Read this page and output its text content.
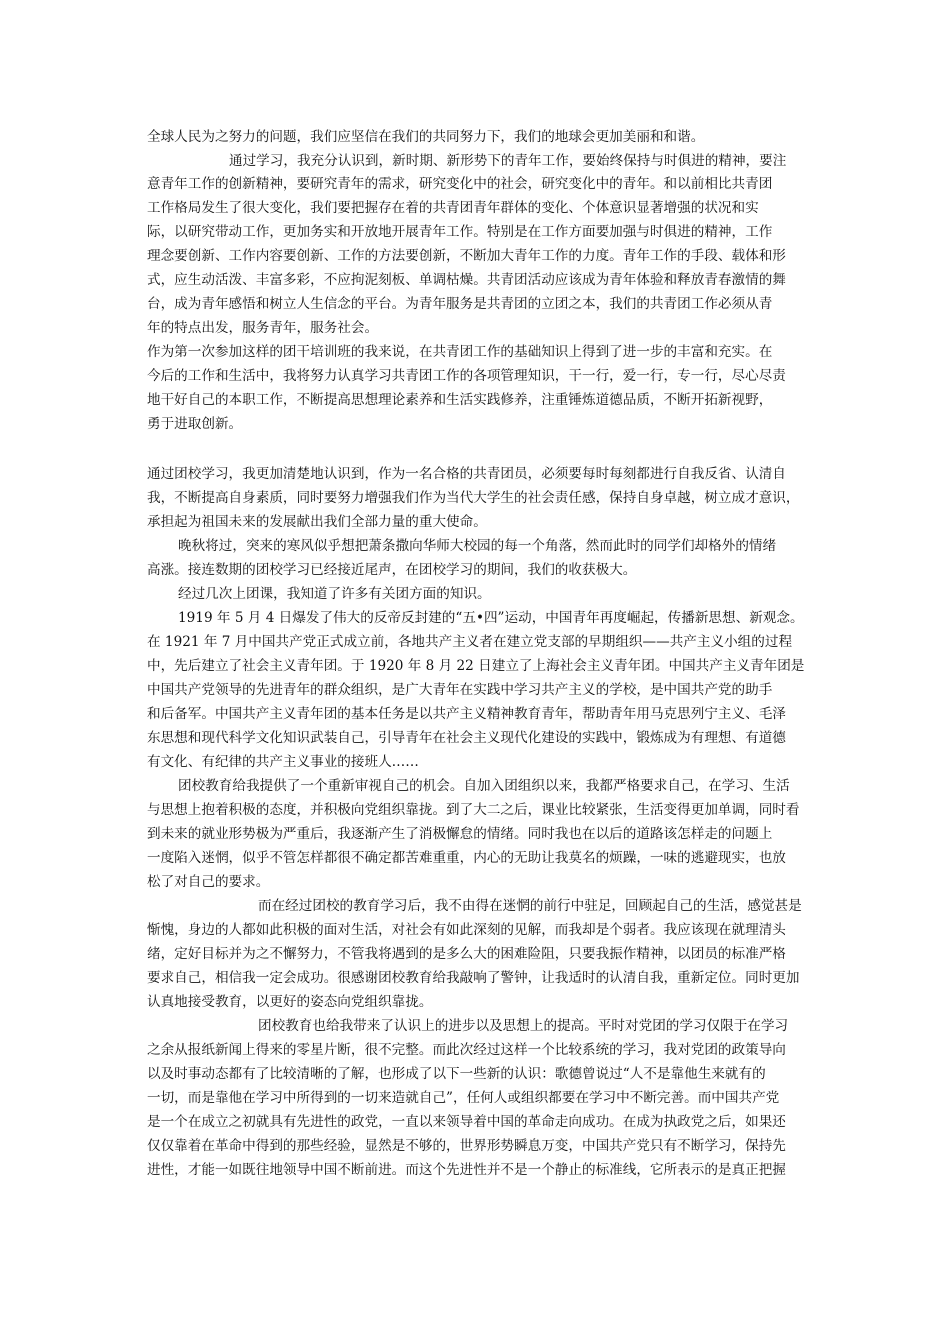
全球人民为之努力的问题，我们应坚信在我们的共同努力下，我们的地球会更加美丽和和谐。
通过学习，我充分认识到，新时期、新形势下的青年工作，要始终保持与时俱进的精神，要注
意青年工作的创新精神，要研究青年的需求，研究变化中的社会，研究变化中的青年。和以前相比共青团
工作格局发生了很大变化，我们要把握存在着的共青团青年群体的变化、个体意识显著增强的状况和实
际，以研究带动工作，更加务实和开放地开展青年工作。特别是在工作方面要加强与时俱进的精神，工作
理念要创新、工作内容要创新、工作的方法要创新，不断加大青年工作的力度。青年工作的手段、载体和形
式，应生动活泼、丰富多彩，不应拘泥刻板、单调枯燥。共青团活动应该成为青年体验和释放青春激情的舞
台，成为青年感悟和树立人生信念的平台。为青年服务是共青团的立团之本，我们的共青团工作必须从青
年的特点出发，服务青年，服务社会。
作为第一次参加这样的团干培训班的我来说，在共青团工作的基础知识上得到了进一步的丰富和充实。在
今后的工作和生活中，我将努力认真学习共青团工作的各项管理知识，干一行，爱一行，专一行，尽心尽责
地干好自己的本职工作，不断提高思想理论素养和生活实践修养，注重锤炼道德品质，不断开拓新视野，
勇于进取创新。
通过团校学习，我更加清楚地认识到，作为一名合格的共青团员，必须要每时每刻都进行自我反省、认清自
我，不断提高自身素质，同时要努力增强我们作为当代大学生的社会责任感，保持自身卓越，树立成才意识，
承担起为祖国未来的发展献出我们全部力量的重大使命。
晚秋将过，突来的寒风似乎想把萧条撒向华师大校园的每一个角落，然而此时的同学们却格外的情绪
高涨。接连数期的团校学习已经接近尾声，在团校学习的期间，我们的收获极大。
经过几次上团课，我知道了许多有关团方面的知识。
1919 年 5 月 4 日爆发了伟大的反帝反封建的“五•四”运动，中国青年再度崛起，传播新思想、新观念。
在 1921 年 7 月中国共产党正式成立前，各地共产主义者在建立党支部的早期组织——共产主义小组的过程
中，先后建立了社会主义青年团。于 1920 年 8 月 22 日建立了上海社会主义青年团。中国共产主义青年团是
中国共产党领导的先进青年的群众组织，是广大青年在实践中学习共产主义的学校，是中国共产党的助手
和后备军。中国共产主义青年团的基本任务是以共产主义精神教育青年，帮助青年用马克思列宁主义、毛泽
东思想和现代科学文化知识武装自己，引导青年在社会主义现代化建设的实践中，锻炼成为有理想、有道德
有文化、有纪律的共产主义事业的接班人……
团校教育给我提供了一个重新审视自己的机会。自加入团组织以来，我都严格要求自己，在学习、生活
与思想上抱着积极的态度，并积极向党组织靠拢。到了大二之后，课业比较紧张，生活变得更加单调，同时看
到未来的就业形势极为严重后，我逐渐产生了消极懈怠的情绪。同时我也在以后的道路该怎样走的问题上
一度陷入迷惘，似乎不管怎样都很不确定都苦难重重，内心的无助让我莫名的烦躁，一味的逃避现实，也放
松了对自己的要求。
而在经过团校的教育学习后，我不由得在迷惘的前行中驻足，回顾起自己的生活，感觉甚是
惭愧，身边的人都如此积极的面对生活，对社会有如此深刻的见解，而我却是个弱者。我应该现在就理清头
绪，定好目标并为之不懈努力，不管我将遇到的是多么大的困难险阻，只要我振作精神，以团员的标准严格
要求自己，相信我一定会成功。很感谢团校教育给我敲响了警钟，让我适时的认清自我，重新定位。同时更加
认真地接受教育，以更好的姿态向党组织靠拢。
团校教育也给我带来了认识上的进步以及思想上的提高。平时对党团的学习仅限于在学习
之余从报纸新闻上得来的零星片断，很不完整。而此次经过这样一个比较系统的学习，我对党团的政策导向
以及时事动态都有了比较清晰的了解，也形成了以下一些新的认识：歌德曾说过“人不是靠他生来就有的
一切，而是靠他在学习中所得到的一切来造就自己”，任何人或组织都要在学习中不断完善。而中国共产党
是一个在成立之初就具有先进性的政党，一直以来领导着中国的革命走向成功。在成为执政党之后，如果还
仅仅靠着在革命中得到的那些经验，显然是不够的，世界形势瞬息万变，中国共产党只有不断学习，保持先
进性，才能一如既往地领导中国不断前进。而这个先进性并不是一个静止的标准线，它所表示的是真正把握
